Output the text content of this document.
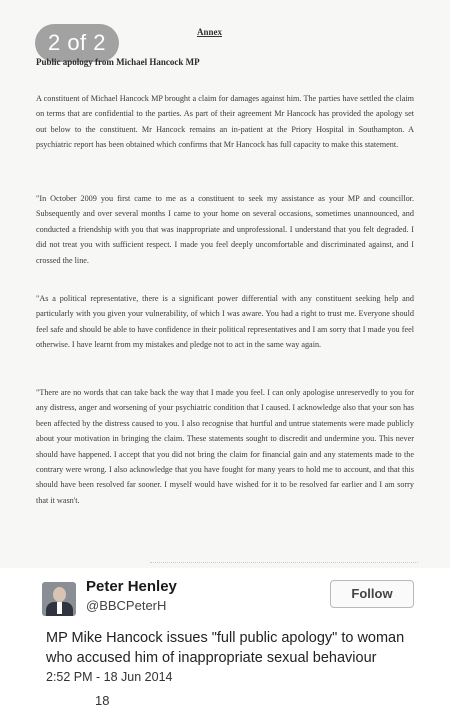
2 of 2	Annex
Public apology from Michael Hancock MP

A constituent of Michael Hancock MP brought a claim for damages against him. The parties have settled the claim on terms that are confidential to the parties. As part of their agreement Mr Hancock has provided the apology set out below to the constituent. Mr Hancock remains an in-patient at the Priory Hospital in Southampton. A psychiatric report has been obtained which confirms that Mr Hancock has full capacity to make this statement.

"In October 2009 you first came to me as a constituent to seek my assistance as your MP and councillor. Subsequently and over several months I came to your home on several occasions, sometimes unannounced, and conducted a friendship with you that was inappropriate and unprofessional. I understand that you felt degraded. I did not treat you with sufficient respect. I made you feel deeply uncomfortable and discriminated against, and I crossed the line.

"As a political representative, there is a significant power differential with any constituent seeking help and particularly with you given your vulnerability, of which I was aware. You had a right to trust me. Everyone should feel safe and should be able to have confidence in their political representatives and I am sorry that I made you feel otherwise. I have learnt from my mistakes and pledge not to act in the same way again.

"There are no words that can take back the way that I made you feel. I can only apologise unreservedly to you for any distress, anger and worsening of your psychiatric condition that I caused. I acknowledge also that your son has been affected by the distress caused to you. I also recognise that hurtful and untrue statements were made publicly about your motivation in bringing the claim. These statements sought to discredit and undermine you. This never should have happened. I accept that you did not bring the claim for financial gain and any statements made to the contrary were wrong. I also acknowledge that you have fought for many years to hold me to account, and that this should have been resolved far sooner. I myself would have wished for it to be resolved far earlier and I am sorry that it wasn't.

Peter Henley
@BBCPeterH
Follow

MP Mike Hancock issues "full public apology" to woman who accused him of inappropriate sexual behaviour

2:52 PM - 18 Jun 2014
18
